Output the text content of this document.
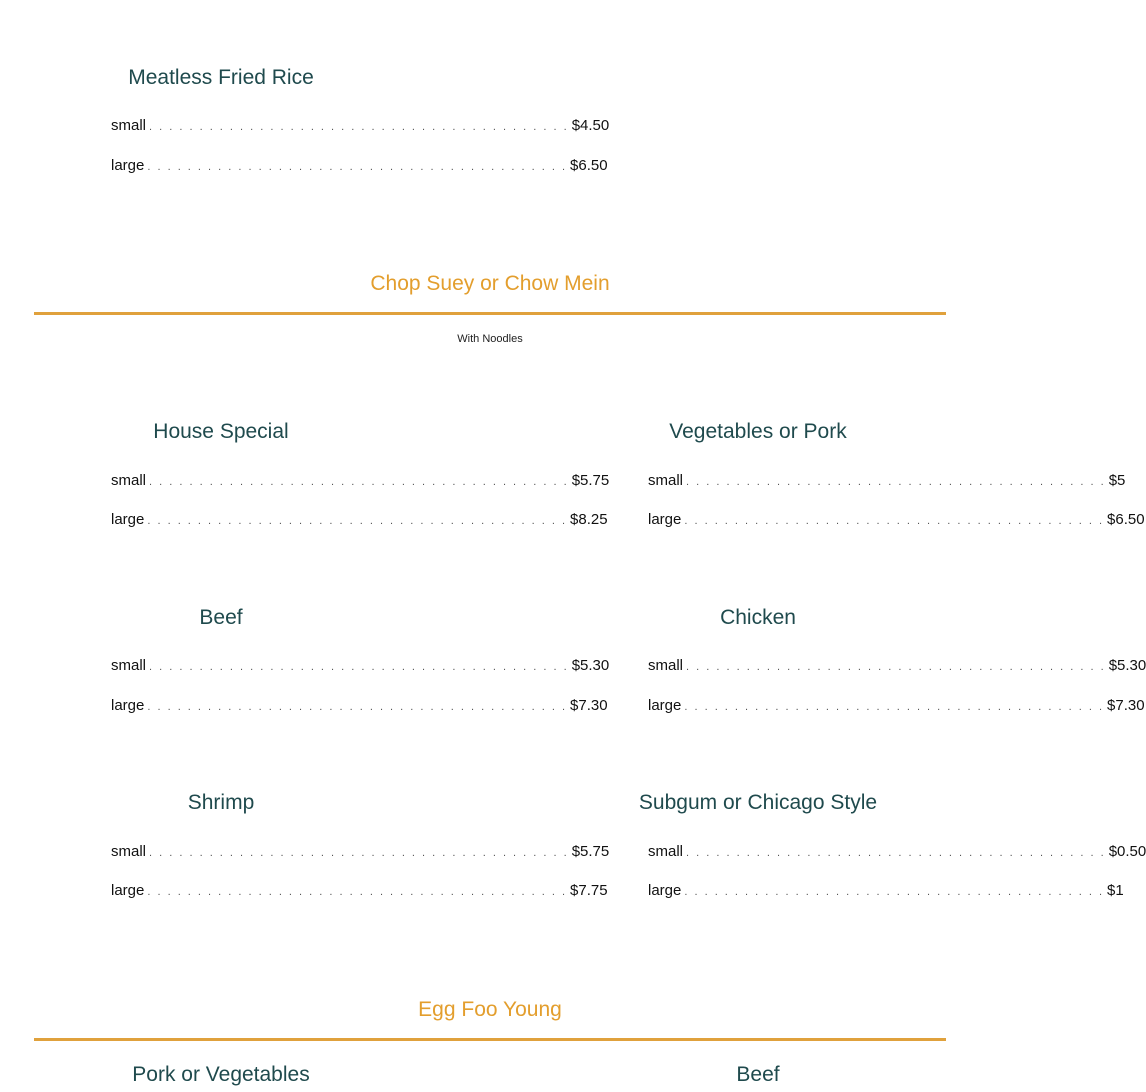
Meatless Fried Rice
small . . . . . . . . . . . . . . . . . . . . . . . . . . . . . . . . . . . . . . . . . . $4.50
large . . . . . . . . . . . . . . . . . . . . . . . . . . . . . . . . . . . . . . . . . . $6.50
Chop Suey or Chow Mein
With Noodles
House Special
small . . . . . . . . . . . . . . . . . . . . . . . . . . . . . . . . . . . . . . . . . . $5.75
large . . . . . . . . . . . . . . . . . . . . . . . . . . . . . . . . . . . . . . . . . . $8.25
Vegetables or Pork
small . . . . . . . . . . . . . . . . . . . . . . . . . . . . . . . . . . . . . . . . . . $5
large . . . . . . . . . . . . . . . . . . . . . . . . . . . . . . . . . . . . . . . . . . $6.50
Beef
small . . . . . . . . . . . . . . . . . . . . . . . . . . . . . . . . . . . . . . . . . . $5.30
large . . . . . . . . . . . . . . . . . . . . . . . . . . . . . . . . . . . . . . . . . . $7.30
Chicken
small . . . . . . . . . . . . . . . . . . . . . . . . . . . . . . . . . . . . . . . . . . $5.30
large . . . . . . . . . . . . . . . . . . . . . . . . . . . . . . . . . . . . . . . . . . $7.30
Shrimp
small . . . . . . . . . . . . . . . . . . . . . . . . . . . . . . . . . . . . . . . . . . $5.75
large . . . . . . . . . . . . . . . . . . . . . . . . . . . . . . . . . . . . . . . . . . $7.75
Subgum or Chicago Style
small . . . . . . . . . . . . . . . . . . . . . . . . . . . . . . . . . . . . . . . . . . $0.50
large . . . . . . . . . . . . . . . . . . . . . . . . . . . . . . . . . . . . . . . . . . $1
Egg Foo Young
Pork or Vegetables	Beef
